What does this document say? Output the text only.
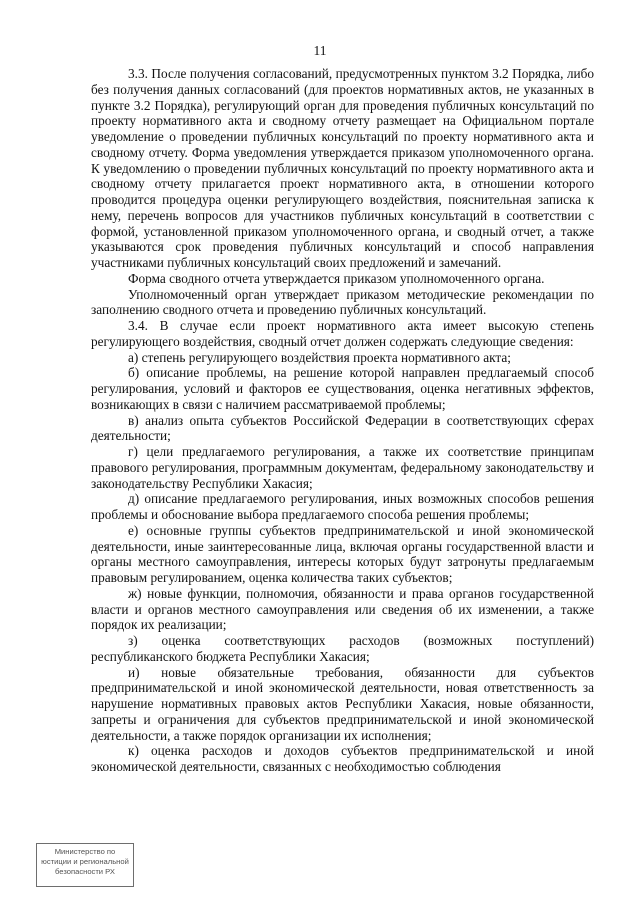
11

3.3. После получения согласований, предусмотренных пунктом 3.2 Порядка, либо без получения данных согласований (для проектов нормативных актов, не указанных в пункте 3.2 Порядка), регулирующий орган для проведения публичных консультаций по проекту нормативного акта и сводному отчету размещает на Официальном портале уведомление о проведении публичных консультаций по проекту нормативного акта и сводному отчету. Форма уведомления утверждается приказом уполномоченного органа. К уведомлению о проведении публичных консультаций по проекту нормативного акта и сводному отчету прилагается проект нормативного акта, в отношении которого проводится процедура оценки регулирующего воздействия, пояснительная записка к нему, перечень вопросов для участников публичных консультаций в соответствии с формой, установленной приказом уполномоченного органа, и сводный отчет, а также указываются срок проведения публичных консультаций и способ направления участниками публичных консультаций своих предложений и замечаний.

Форма сводного отчета утверждается приказом уполномоченного органа.

Уполномоченный орган утверждает приказом методические рекомендации по заполнению сводного отчета и проведению публичных консультаций.

3.4. В случае если проект нормативного акта имеет высокую степень регулирующего воздействия, сводный отчет должен содержать следующие сведения:

а) степень регулирующего воздействия проекта нормативного акта;

б) описание проблемы, на решение которой направлен предлагаемый способ регулирования, условий и факторов ее существования, оценка негативных эффектов, возникающих в связи с наличием рассматриваемой проблемы;

в) анализ опыта субъектов Российской Федерации в соответствующих сферах деятельности;

г) цели предлагаемого регулирования, а также их соответствие принципам правового регулирования, программным документам, федеральному законодательству и законодательству Республики Хакасия;

д) описание предлагаемого регулирования, иных возможных способов решения проблемы и обоснование выбора предлагаемого способа решения проблемы;

е) основные группы субъектов предпринимательской и иной экономической деятельности, иные заинтересованные лица, включая органы государственной власти и органы местного самоуправления, интересы которых будут затронуты предлагаемым правовым регулированием, оценка количества таких субъектов;

ж) новые функции, полномочия, обязанности и права органов государственной власти и органов местного самоуправления или сведения об их изменении, а также порядок их реализации;

з) оценка соответствующих расходов (возможных поступлений) республиканского бюджета Республики Хакасия;

и) новые обязательные требования, обязанности для субъектов предпринимательской и иной экономической деятельности, новая ответственность за нарушение нормативных правовых актов Республики Хакасия, новые обязанности, запреты и ограничения для субъектов предпринимательской и иной экономической деятельности, а также порядок организации их исполнения;

к) оценка расходов и доходов субъектов предпринимательской и иной экономической деятельности, связанных с необходимостью соблюдения

Министерство по
юстиции и региональной
безопасности РХ
